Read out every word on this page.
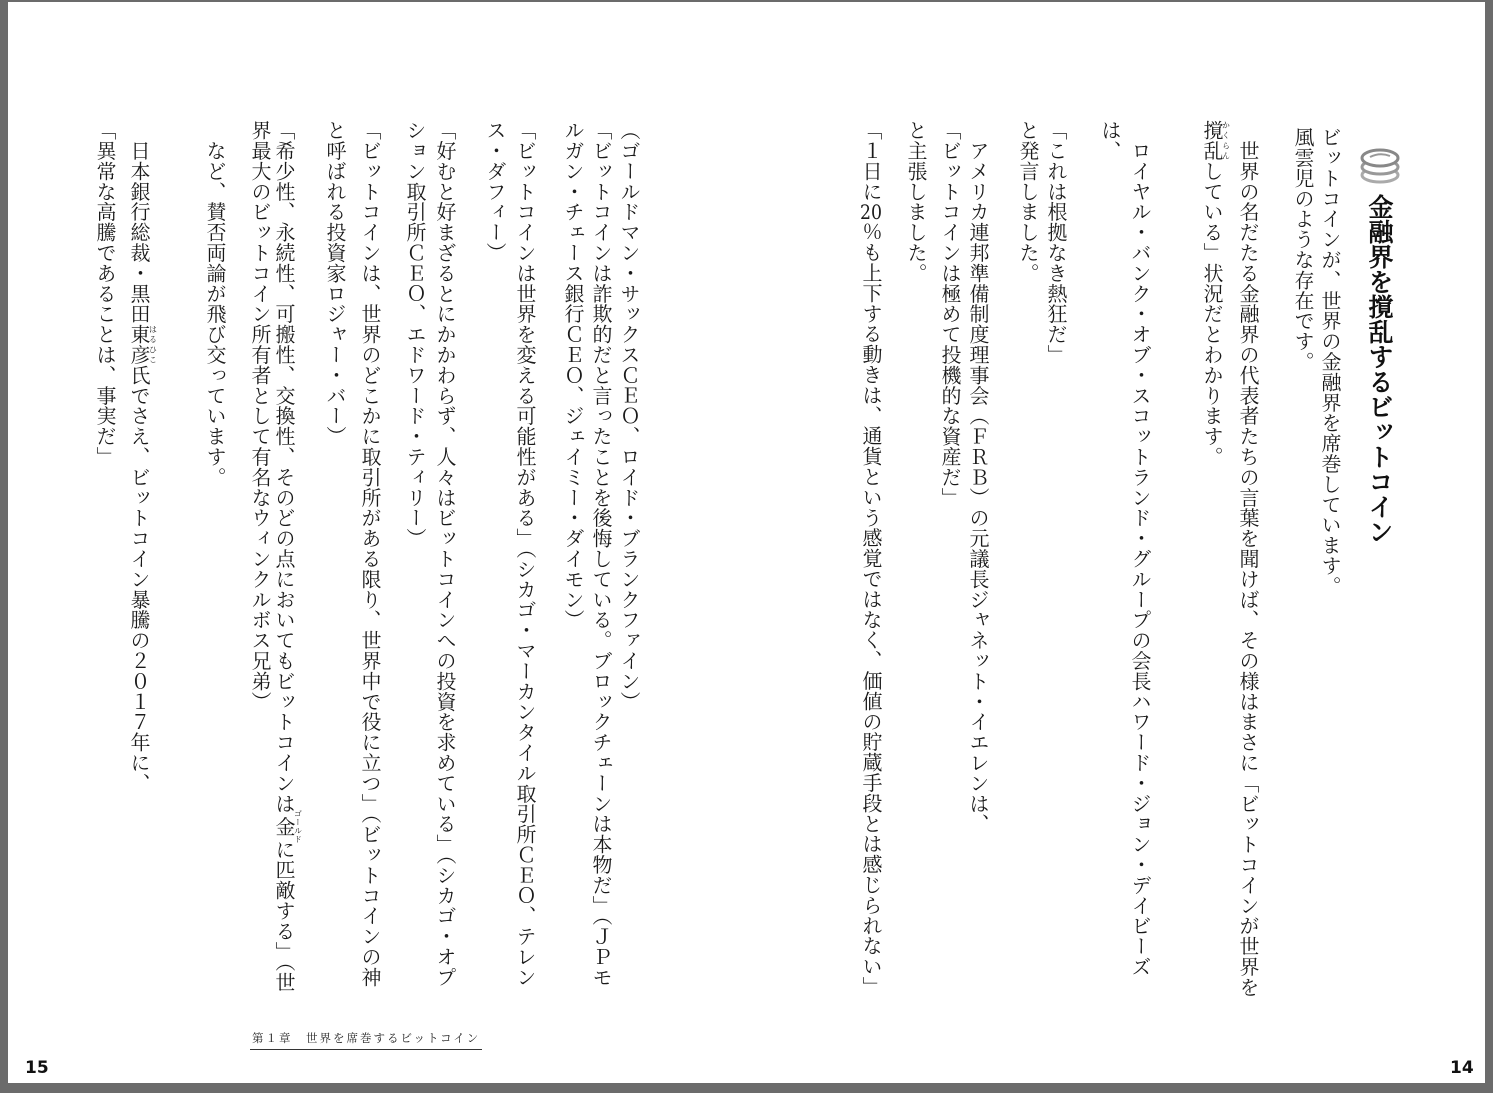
金融界を撹乱するビットコイン
ビットコインが、世界の金融界を席巻しています。
風雲児のような存在です。
　世界の名だたる金融界の代表者たちの言葉を聞けば、その様はまさに「ビットコインが世界を
撹乱かくらんしている」状況だとわかります。
　ロイヤル・バンク・オブ・スコットランド・グループの会長ハワード・ジョン・デイビーズ
は、
「これは根拠なき熱狂だ」
と発言しました。
　アメリカ連邦準備制度理事会（ＦＲＢ）の元議長ジャネット・イエレンは、
「ビットコインは極めて投機的な資産だ」
と主張しました。
「１日に20％も上下する動きは、通貨という感覚ではなく、価値の貯蔵手段とは感じられない」
14
（ゴールドマン・サックスＣＥＯ、ロイド・ブランクファイン）
「ビットコインは詐欺的だと言ったことを後悔している。ブロックチェーンは本物だ」（ＪＰモ
ルガン・チェース銀行ＣＥＯ、ジェイミー・ダイモン）
「ビットコインは世界を変える可能性がある」（シカゴ・マーカンタイル取引所ＣＥＯ、テレン
ス・ダフィー）
「好むと好まざるとにかかわらず、人々はビットコインへの投資を求めている」（シカゴ・オプ
ション取引所ＣＥＯ、エドワード・ティリー）
「ビットコインは、世界のどこかに取引所がある限り、世界中で役に立つ」（ビットコインの神
と呼ばれる投資家ロジャー・バー）
「希少性、永続性、可搬性、交換性、そのどの点においてもビットコインは金ゴールドに匹敵する」（世
界最大のビットコイン所有者として有名なウィンクルボス兄弟）
　など、賛否両論が飛び交っています。
　日本銀行総裁・黒田東彦はるひこ氏でさえ、ビットコイン暴騰の２０１７年に、
「異常な高騰であることは、事実だ」
第１章　世界を席巻するビットコイン
15
